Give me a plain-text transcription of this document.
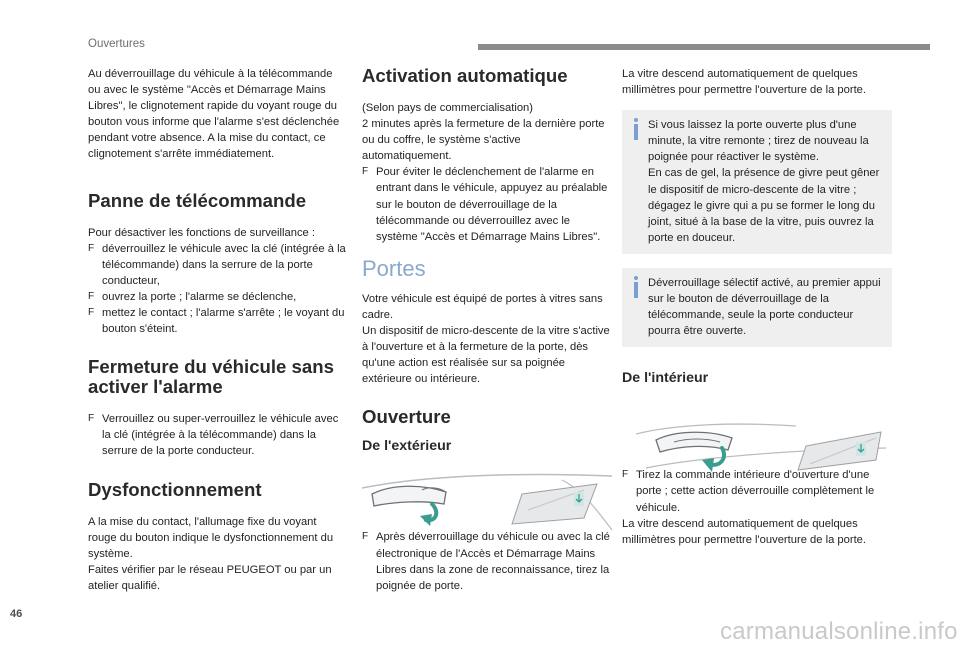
Ouvertures

Au déverrouillage du véhicule à la télécommande ou avec le système "Accès et Démarrage Mains Libres", le clignotement rapide du voyant rouge du bouton vous informe que l'alarme s'est déclenchée pendant votre absence. A la mise du contact, ce clignotement s'arrête immédiatement.

Panne de télécommande

Pour désactiver les fonctions de surveillance :

F déverrouillez le véhicule avec la clé (intégrée à la télécommande) dans la serrure de la porte conducteur,
F ouvrez la porte ; l'alarme se déclenche,
F mettez le contact ; l'alarme s'arrête ; le voyant du bouton s'éteint.
Fermeture du véhicule sans activer l'alarme
F Verrouillez ou super-verrouillez le véhicule avec la clé (intégrée à la télécommande) dans la serrure de la porte conducteur.
Dysfonctionnement

A la mise du contact, l'allumage fixe du voyant rouge du bouton indique le dysfonctionnement du système.

Faites vérifier par le réseau PEUGEOT ou par un atelier qualifié.

Activation automatique

(Selon pays de commercialisation)

2 minutes après la fermeture de la dernière porte ou du coffre, le système s'active automatiquement.

F Pour éviter le déclenchement de l'alarme en entrant dans le véhicule, appuyez au préalable sur le bouton de déverrouillage de la télécommande ou déverrouillez avec le système "Accès et Démarrage Mains Libres".
Portes

Votre véhicule est équipé de portes à vitres sans cadre.

Un dispositif de micro-descente de la vitre s'active à l'ouverture et à la fermeture de la porte, dès qu'une action est réalisée sur sa poignée extérieure ou intérieure.

Ouverture
De l'extérieur
F Après déverrouillage du véhicule ou avec la clé électronique de l'Accès et Démarrage Mains Libres dans la zone de reconnaissance, tirez la poignée de porte.

La vitre descend automatiquement de quelques millimètres pour permettre l'ouverture de la porte.

Si vous laissez la porte ouverte plus d'une minute, la vitre remonte ; tirez de nouveau la poignée pour réactiver le système.

En cas de gel, la présence de givre peut gêner le dispositif de micro-descente de la vitre ; dégagez le givre qui a pu se former le long du joint, situé à la base de la vitre, puis ouvrez la porte en douceur.

Déverrouillage sélectif activé, au premier appui sur le bouton de déverrouillage de la télécommande, seule la porte conducteur pourra être ouverte.

De l'intérieur
F Tirez la commande intérieure d'ouverture d'une porte ; cette action déverrouille complètement le véhicule.

La vitre descend automatiquement de quelques millimètres pour permettre l'ouverture de la porte.

46
carmanualsonline.info
